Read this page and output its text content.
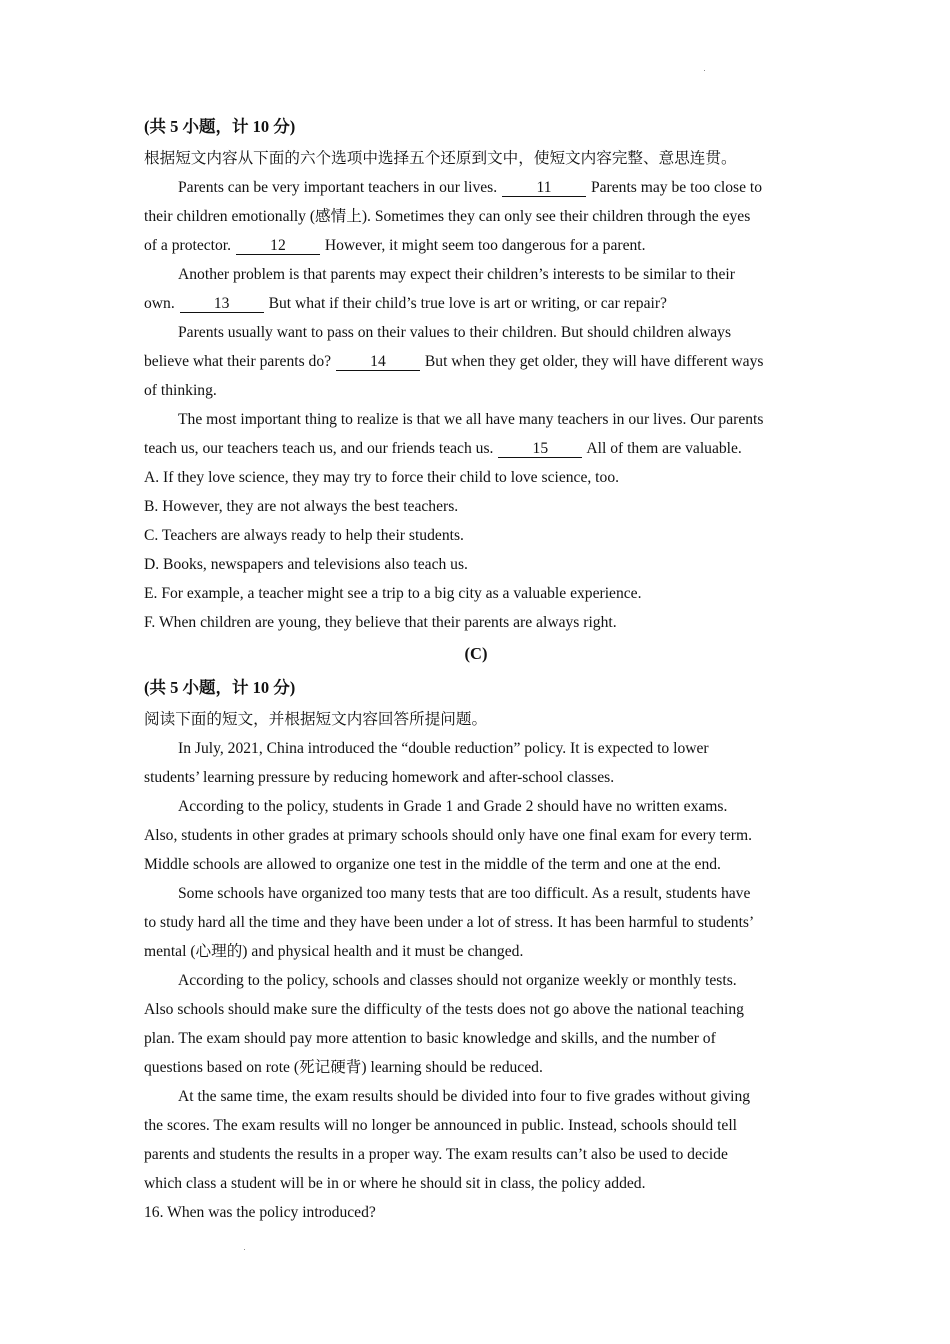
(共 5 小题，计 10 分)
根据短文内容从下面的六个选项中选择五个还原到文中，使短文内容完整、意思连贯。
Parents can be very important teachers in our lives.	11	Parents may be too close to
their children emotionally (感情上). Sometimes they can only see their children through the eyes
of a protector.	12	However, it might seem too dangerous for a parent.
Another problem is that parents may expect their children’s interests to be similar to their
own.	13	But what if their child’s true love is art or writing, or car repair?
Parents usually want to pass on their values to their children. But should children always
believe what their parents do?	14	But when they get older, they will have different ways
of thinking.
The most important thing to realize is that we all have many teachers in our lives. Our parents
teach us, our teachers teach us, and our friends teach us.	15 All of them are valuable.
A. If they love science, they may try to force their child to love science, too.
B. However, they are not always the best teachers.
C. Teachers are always ready to help their students.
D. Books, newspapers and televisions also teach us.
E. For example, a teacher might see a trip to a big city as a valuable experience.
F. When children are young, they believe that their parents are always right.
(C)
(共 5 小题，计 10 分)
阅读下面的短文，并根据短文内容回答所提问题。
In July, 2021, China introduced the “double reduction” policy. It is expected to lower
students’ learning pressure by reducing homework and after-school classes.
According to the policy, students in Grade 1 and Grade 2 should have no written exams.
Also, students in other grades at primary schools should only have one final exam for every term.
Middle schools are allowed to organize one test in the middle of the term and one at the end.
Some schools have organized too many tests that are too difficult. As a result, students have
to study hard all the time and they have been under a lot of stress. It has been harmful to students’
mental (心理的) and physical health and it must be changed.
According to the policy, schools and classes should not organize weekly or monthly tests.
Also schools should make sure the difficulty of the tests does not go above the national teaching
plan. The exam should pay more attention to basic knowledge and skills, and the number of
questions based on rote (死记硬背) learning should be reduced.
At the same time, the exam results should be divided into four to five grades without giving
the scores. The exam results will no longer be announced in public. Instead, schools should tell
parents and students the results in a proper way. The exam results can’t also be used to decide
which class a student will be in or where he should sit in class, the policy added.
16. When was the policy introduced?
